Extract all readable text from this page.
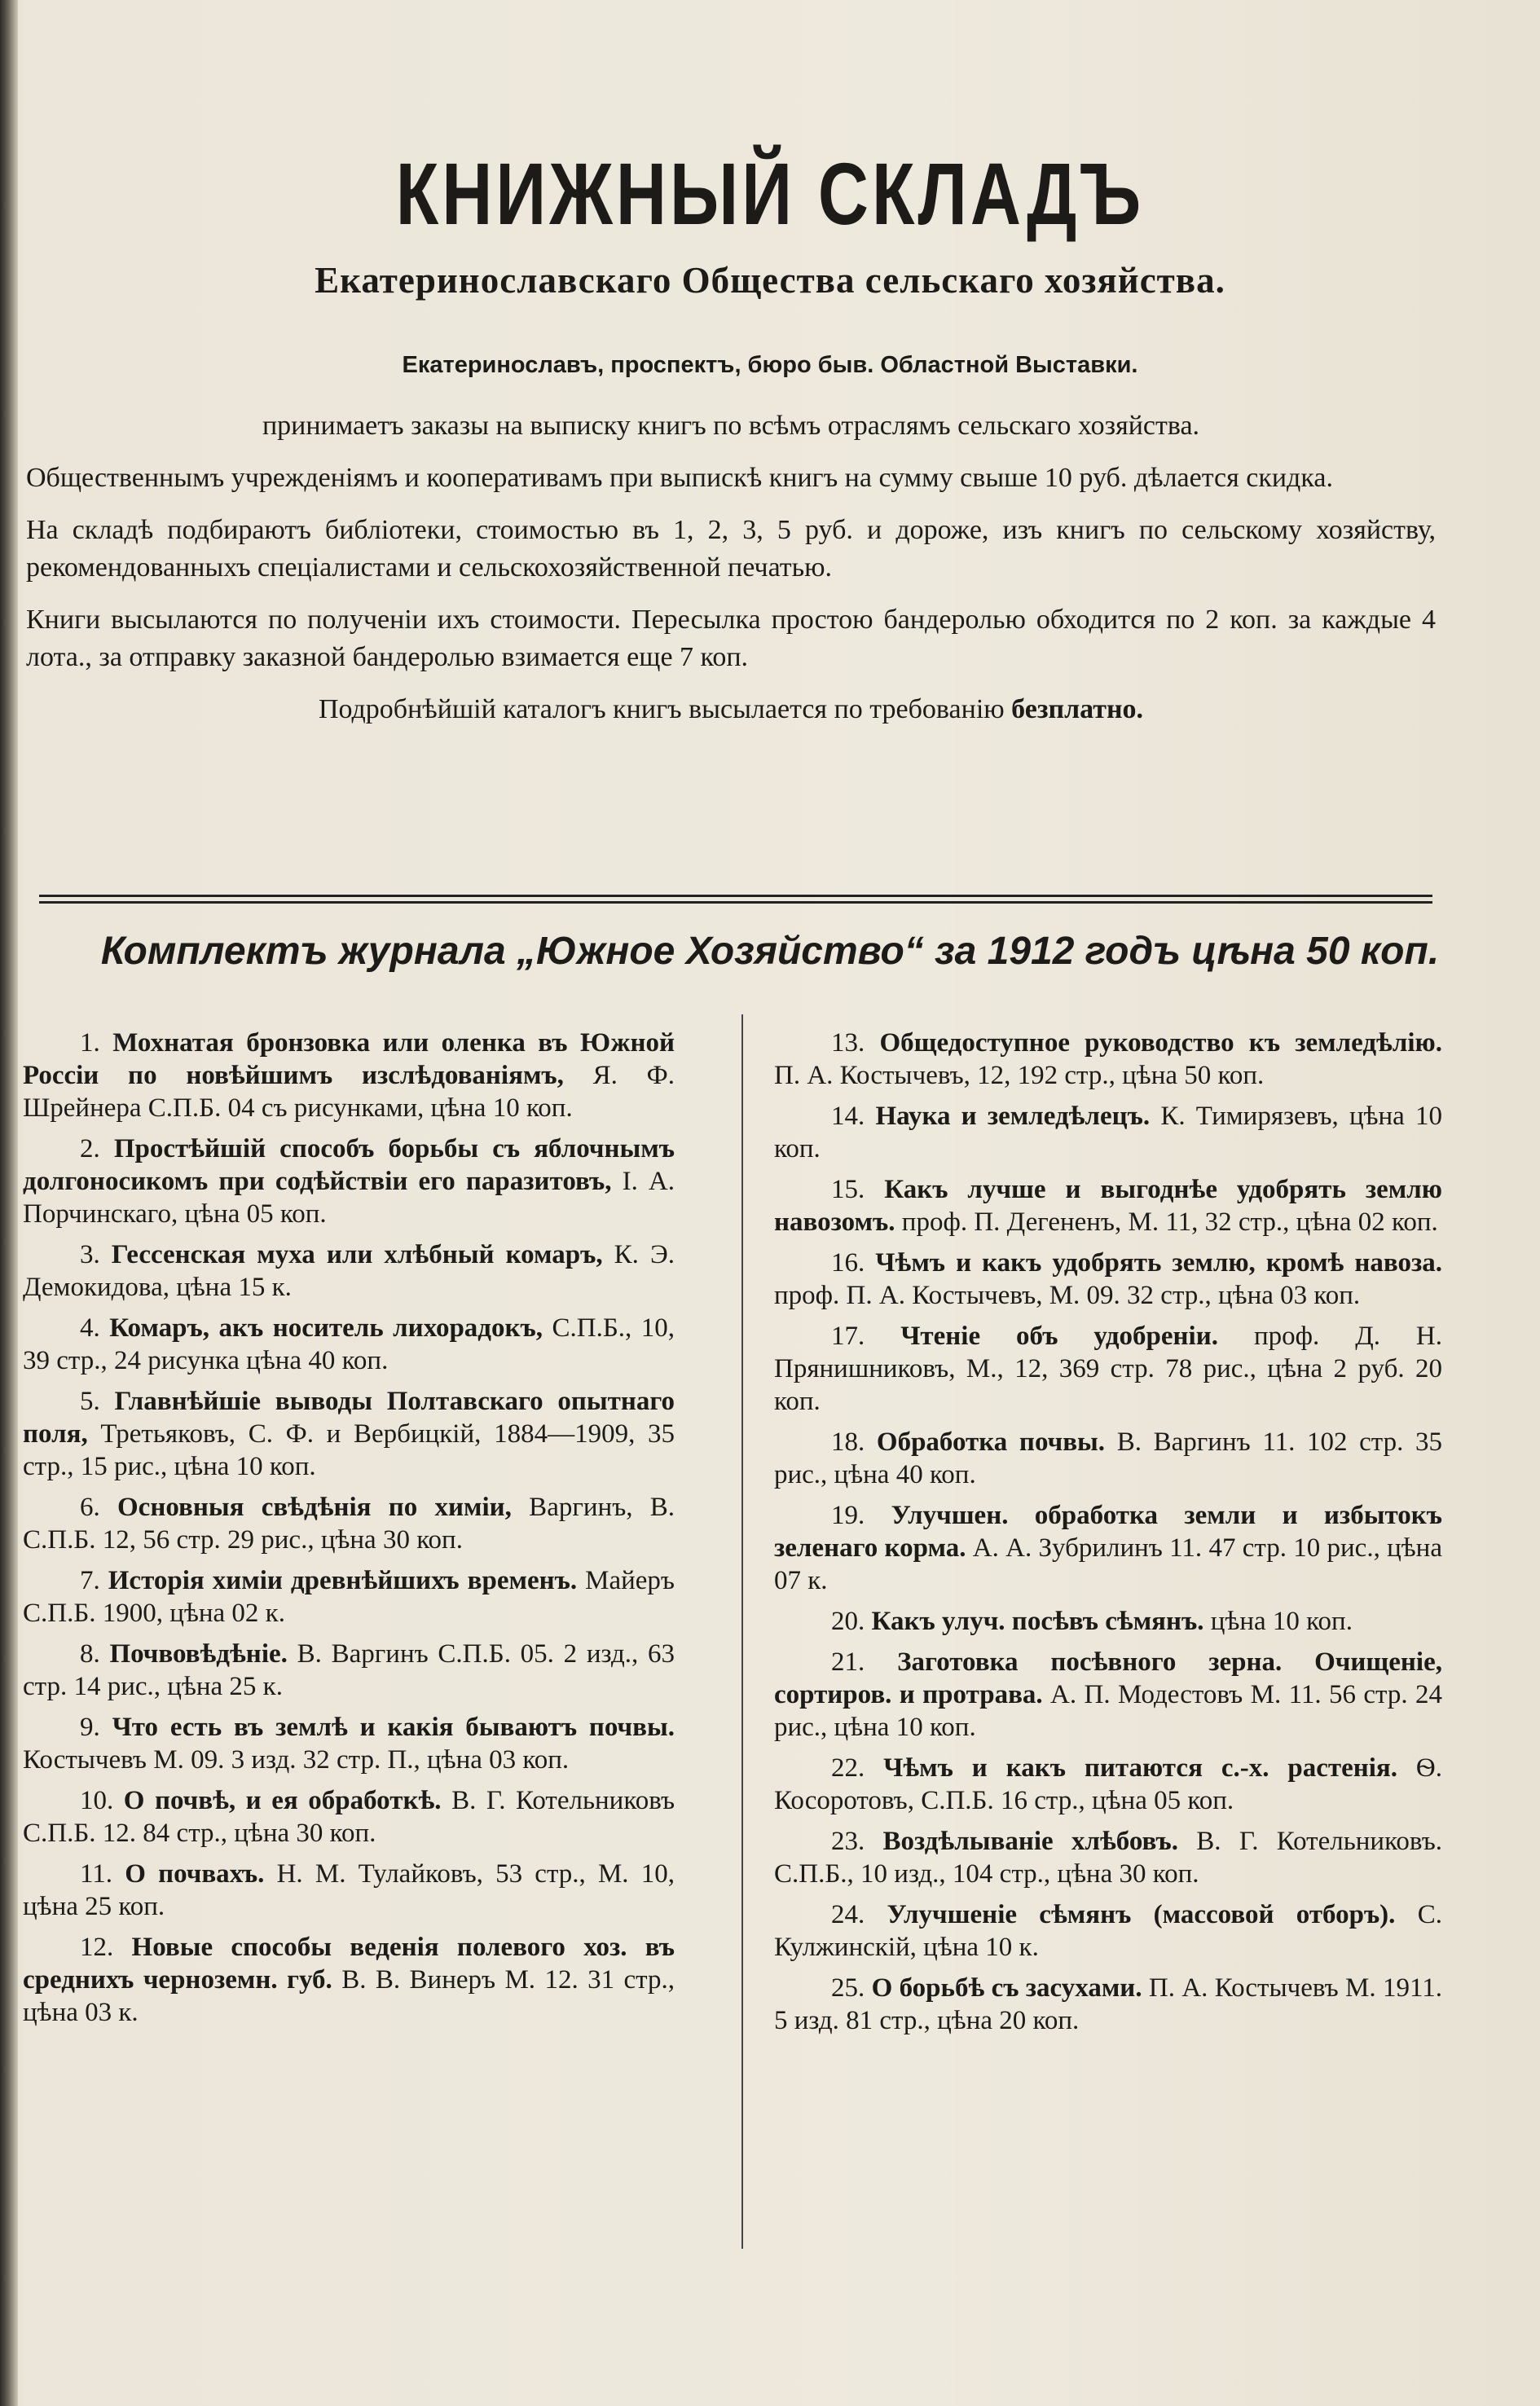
КНИЖНЫЙ СКЛАДЪ
Екатеринославскаго Общества сельскаго хозяйства.
Екатеринославъ, проспектъ, бюро быв. Областной Выставки.

принимаетъ заказы на выписку книгъ по всѣмъ отраслямъ сельскаго хозяйства.

Общественнымъ учрежденіямъ и кооперативамъ при выпискѣ книгъ на сумму свыше 10 руб. дѣлается скидка.

На складѣ подбираютъ библіотеки, стоимостью въ 1, 2, 3, 5 руб. и дороже, изъ книгъ по сельскому хозяйству, рекомендованныхъ спеціалистами и сельскохозяйственной печатью.

Книги высылаются по полученіи ихъ стоимости. Пересылка простою бандеролью обходится по 2 коп. за каждые 4 лота., за отправку заказной бандеролью взимается еще 7 коп.

Подробнѣйшій каталогъ книгъ высылается по требованію безплатно.

Комплектъ журнала „Южное Хозяйство“ за 1912 годъ цѣна 50 коп.

1. Мохнатая бронзовка или оленка въ Южной Россіи по новѣйшимъ изслѣдованіямъ, Я. Ф. Шрейнера С.П.Б. 04 съ рисунками, цѣна 10 коп.

2. Простѣйшій способъ борьбы съ яблочнымъ долгоносикомъ при содѣйствіи его паразитовъ, І. А. Порчинскаго, цѣна 05 коп.

3. Гессенская муха или хлѣбный комаръ, К. Э. Демокидова, цѣна 15 к.

4. Комаръ, акъ носитель лихорадокъ, С.П.Б., 10, 39 стр., 24 рисунка цѣна 40 коп.

5. Главнѣйшіе выводы Полтавскаго опытнаго поля, Третьяковъ, С. Ф. и Вербицкій, 1884—1909, 35 стр., 15 рис., цѣна 10 коп.

6. Основныя свѣдѣнія по химіи, Варгинъ, В. С.П.Б. 12, 56 стр. 29 рис., цѣна 30 коп.

7. Исторія химіи древнѣйшихъ временъ. Майеръ С.П.Б. 1900, цѣна 02 к.

8. Почвовѣдѣніе. В. Варгинъ С.П.Б. 05. 2 изд., 63 стр. 14 рис., цѣна 25 к.

9. Что есть въ землѣ и какія бываютъ почвы. Костычевъ М. 09. 3 изд. 32 стр. П., цѣна 03 коп.

10. О почвѣ, и ея обработкѣ. В. Г. Котельниковъ С.П.Б. 12. 84 стр., цѣна 30 коп.

11. О почвахъ. Н. М. Тулайковъ, 53 стр., М. 10, цѣна 25 коп.

12. Новые способы веденія полевого хоз. въ среднихъ черноземн. губ. В. В. Винеръ М. 12. 31 стр., цѣна 03 к.

13. Общедоступное руководство къ земледѣлію. П. А. Костычевъ, 12, 192 стр., цѣна 50 коп.

14. Наука и земледѣлецъ. К. Тимирязевъ, цѣна 10 коп.

15. Какъ лучше и выгоднѣе удобрять землю навозомъ. проф. П. Дегененъ, М. 11, 32 стр., цѣна 02 коп.

16. Чѣмъ и какъ удобрять землю, кромѣ навоза. проф. П. А. Костычевъ, М. 09. 32 стр., цѣна 03 коп.

17. Чтеніе объ удобреніи. проф. Д. Н. Прянишниковъ, М., 12, 369 стр. 78 рис., цѣна 2 руб. 20 коп.

18. Обработка почвы. В. Варгинъ 11. 102 стр. 35 рис., цѣна 40 коп.

19. Улучшен. обработка земли и избытокъ зеленаго корма. А. А. Зубрилинъ 11. 47 стр. 10 рис., цѣна 07 к.

20. Какъ улуч. посѣвъ сѣмянъ. цѣна 10 коп.

21. Заготовка посѣвного зерна. Очищеніе, сортиров. и протрава. А. П. Модестовъ М. 11. 56 стр. 24 рис., цѣна 10 коп.

22. Чѣмъ и какъ питаются с.-х. растенія. Ѳ. Косоротовъ, С.П.Б. 16 стр., цѣна 05 коп.

23. Воздѣлываніе хлѣбовъ. В. Г. Котельниковъ. С.П.Б., 10 изд., 104 стр., цѣна 30 коп.

24. Улучшеніе сѣмянъ (массовой отборъ). С. Кулжинскій, цѣна 10 к.

25. О борьбѣ съ засухами. П. А. Костычевъ М. 1911. 5 изд. 81 стр., цѣна 20 коп.
